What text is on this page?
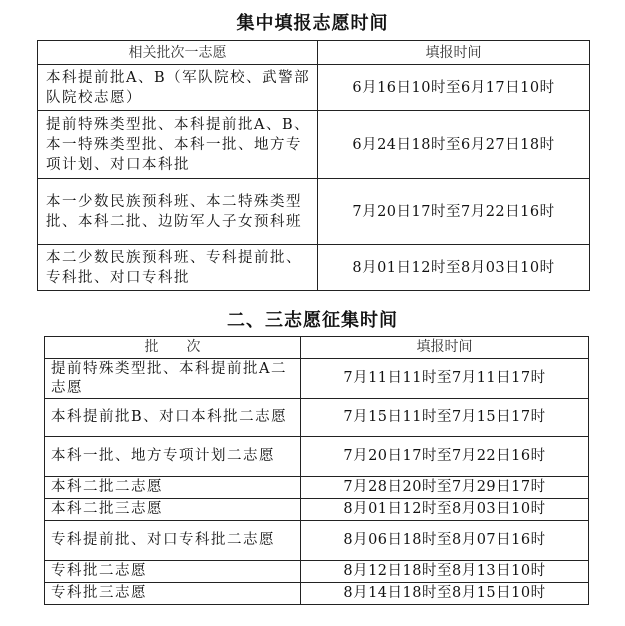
集中填报志愿时间
相关批次一志愿	填报时间
本科提前批A、B（军队院校、武警部队院校志愿）	6月16日10时至6月17日10时
提前特殊类型批、本科提前批A、B、本一特殊类型批、本科一批、地方专项计划、对口本科批	6月24日18时至6月27日18时
本一少数民族预科班、本二特殊类型批、本科二批、边防军人子女预科班	7月20日17时至7月22日16时
本二少数民族预科班、专科提前批、专科批、对口专科批	8月01日12时至8月03日10时
二、三志愿征集时间
批　　次	填报时间
提前特殊类型批、本科提前批A二志愿	7月11日11时至7月11日17时
本科提前批B、对口本科批二志愿	7月15日11时至7月15日17时
本科一批、地方专项计划二志愿	7月20日17时至7月22日16时
本科二批二志愿	7月28日20时至7月29日17时
本科二批三志愿	8月01日12时至8月03日10时
专科提前批、对口专科批二志愿	8月06日18时至8月07日16时
专科批二志愿	8月12日18时至8月13日10时
专科批三志愿	8月14日18时至8月15日10时
